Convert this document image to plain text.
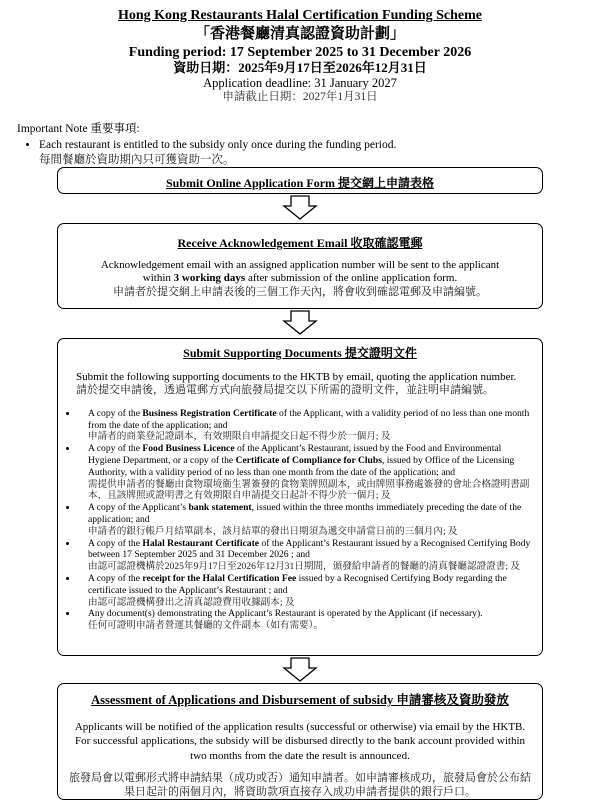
Hong Kong Restaurants Halal Certification Funding Scheme
「香港餐廳清真認證資助計劃」
Funding period: 17 September 2025 to 31 December 2026
資助日期：2025年9月17日至2026年12月31日
Application deadline: 31 January 2027
申請截止日期：2027年1月31日
Important Note 重要事項:
• Each restaurant is entitled to the subsidy only once during the funding period.
每間餐廳於資助期內只可獲資助一次。
Submit Online Application Form 提交網上申請表格
Receive Acknowledgement Email 收取確認電郵
Acknowledgement email with an assigned application number will be sent to the applicant
within 3 working days after submission of the online application form.
申請者於提交網上申請表後的三個工作天內，將會收到確認電郵及申請編號。
Submit Supporting Documents 提交證明文件
Submit the following supporting documents to the HKTB by email, quoting the application number.
請於提交申請後，透過電郵方式向旅發局提交以下所需的證明文件，並註明申請編號。
• A copy of the Business Registration Certificate of the Applicant, with a validity period of no less than one month from the date of the application; and
申請者的商業登記證副本，有效期限自申請提交日起不得少於一個月; 及
• A copy of the Food Business Licence of the Applicant’s Restaurant, issued by the Food and Environmental Hygiene Department, or a copy of the Certificate of Compliance for Clubs, issued by Office of the Licensing Authority, with a validity period of no less than one month from the date of the application; and
需提供申請者的餐廳由食物環境衞生署簽發的食物業牌照副本，或由牌照事務處簽發的會址合格證明書副本，且該牌照或證明書之有效期限自申請提交日起計不得少於一個月; 及
• A copy of the Applicant’s bank statement, issued within the three months immediately preceding the date of the application; and
申請者的銀行帳戶月結單副本，該月結單的發出日期須為遞交申請當日前的三個月內; 及
• A copy of the Halal Restaurant Certificate of the Applicant’s Restaurant issued by a Recognised Certifying Body between 17 September 2025 and 31 December 2026 ; and
由認可認證機構於2025年9月17日至2026年12月31日期間，頒發給申請者的餐廳的清真餐廳認證證書; 及
• A copy of the receipt for the Halal Certification Fee issued by a Recognised Certifying Body regarding the certificate issued to the Applicant’s Restaurant ; and
由認可認證機構發出之清真認證費用收據副本; 及
• Any document(s) demonstrating the Applicant’s Restaurant is operated by the Applicant (if necessary).
任何可證明申請者營運其餐廳的文件副本（如有需要）。
Assessment of Applications and Disbursement of subsidy 申請審核及資助發放
Applicants will be notified of the application results (successful or otherwise) via email by the HKTB. For successful applications, the subsidy will be disbursed directly to the bank account provided within two months from the date the result is announced.
旅發局會以電郵形式將申請結果（成功或否）通知申請者。如申請審核成功，旅發局會於公布結果日起計的兩個月內，將資助款項直接存入成功申請者提供的銀行戶口。
